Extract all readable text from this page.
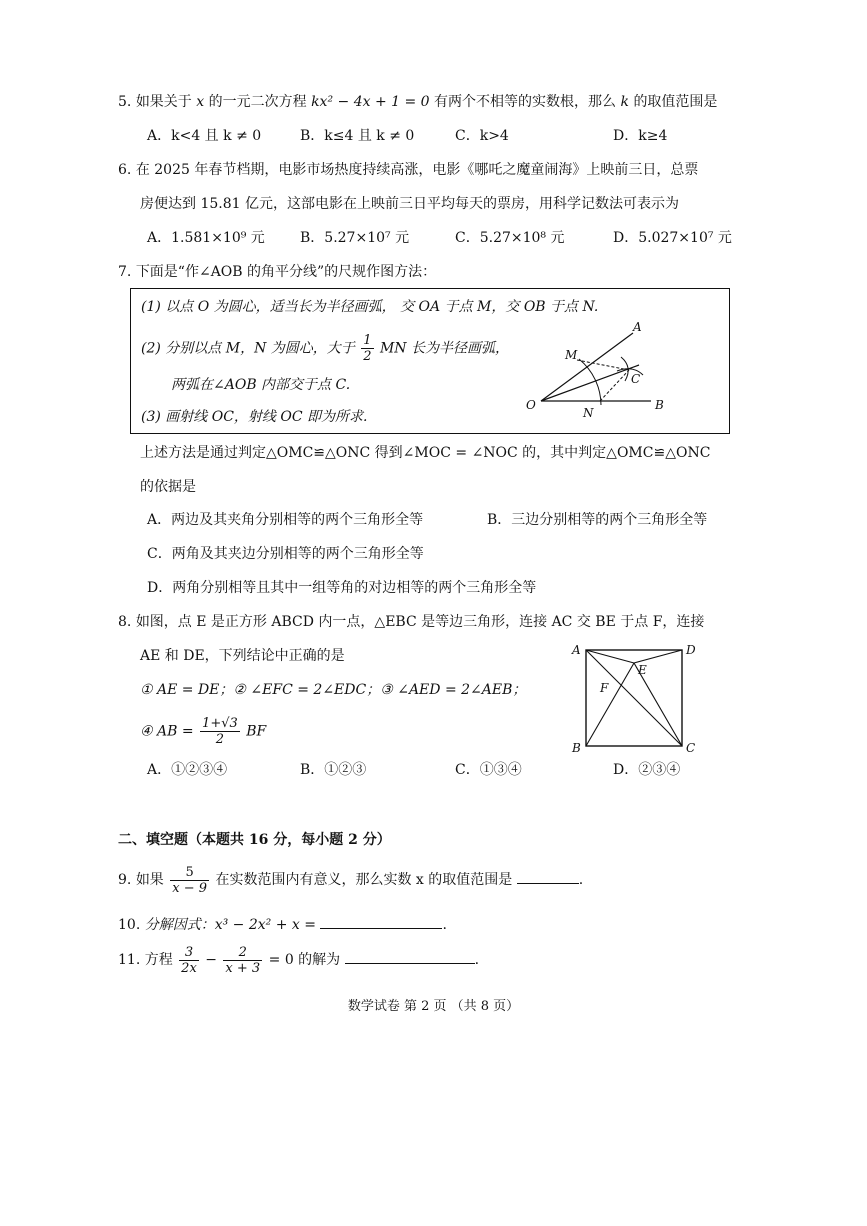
5. 如果关于 x 的一元二次方程 kx² − 4x + 1 = 0 有两个不相等的实数根，那么 k 的取值范围是
A．k<4 且 k ≠ 0	B．k≤4 且 k ≠ 0	C．k>4	D．k≥4
6. 在 2025 年春节档期，电影市场热度持续高涨，电影《哪吒之魔童闹海》上映前三日，总票
房便达到 15.81 亿元，这部电影在上映前三日平均每天的票房，用科学记数法可表示为
A．1.581×10⁹ 元	B．5.27×10⁷ 元	C．5.27×10⁸ 元	D．5.027×10⁷ 元
7. 下面是“作∠AOB 的角平分线”的尺规作图方法：
(1) 以点 O 为圆心，适当长为半径画弧， 交 OA 于点 M，交 OB 于点 N.
(2) 分别以点 M，N 为圆心，大于 $\frac{1}{2}$ MN 长为半径画弧，
两弧在∠AOB 内部交于点 C.
(3) 画射线 OC，射线 OC 即为所求.
A
M
C
O
N
B
上述方法是通过判定△OMC≌△ONC 得到∠MOC = ∠NOC 的，其中判定△OMC≌△ONC
的依据是
A．两边及其夹角分别相等的两个三角形全等	B．三边分别相等的两个三角形全等
C．两角及其夹边分别相等的两个三角形全等
D．两角分别相等且其中一组等角的对边相等的两个三角形全等
8. 如图，点 E 是正方形 ABCD 内一点，△EBC 是等边三角形，连接 AC 交 BE 于点 F，连接
AE 和 DE，下列结论中正确的是
① AE = DE；② ∠EFC = 2∠EDC；③ ∠AED = 2∠AEB；
④ AB = $\frac{1+√3}{2}$ BF
A	D
E
F
B	C
A．①②③④	B．①②③	C．①③④	D．②③④
二、填空题（本题共 16 分，每小题 2 分）
9. 如果 $\frac{5}{x - 9}$ 在实数范围内有意义，那么实数 x 的取值范围是	.
10. 分解因式：x³ − 2x² + x =	.
11. 方程 $\frac{3}{2x} - \frac{2}{x + 3} = 0$ 的解为	.
数学试卷 第 2 页 （共 8 页）
